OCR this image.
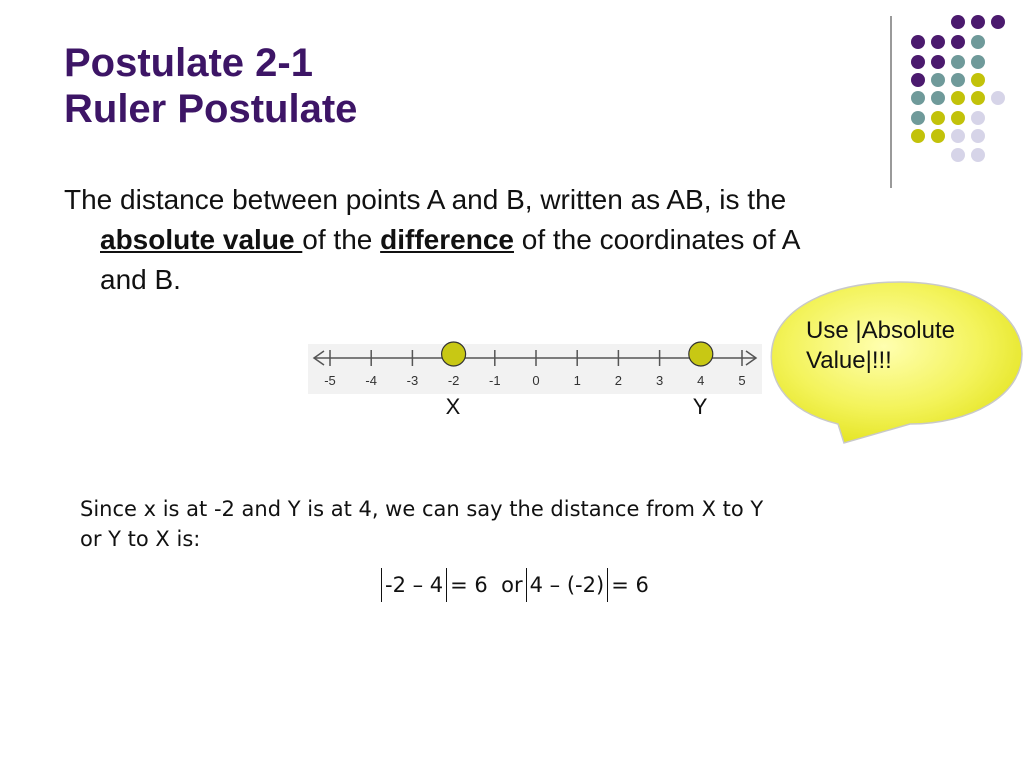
Postulate 2-1
Ruler Postulate
The distance between points A and B, written as AB, is the
absolute value of the difference of the coordinates of A
and B.
-5 -4 -3 -2 -1 0	1	2	3	4	5
X	Y
Use |Absolute
Value|!!!
Since x is at -2 and Y is at 4, we can say the distance from X to Y
or Y to X is:
-2 – 4 = 6 or 4 – (-2) = 6
